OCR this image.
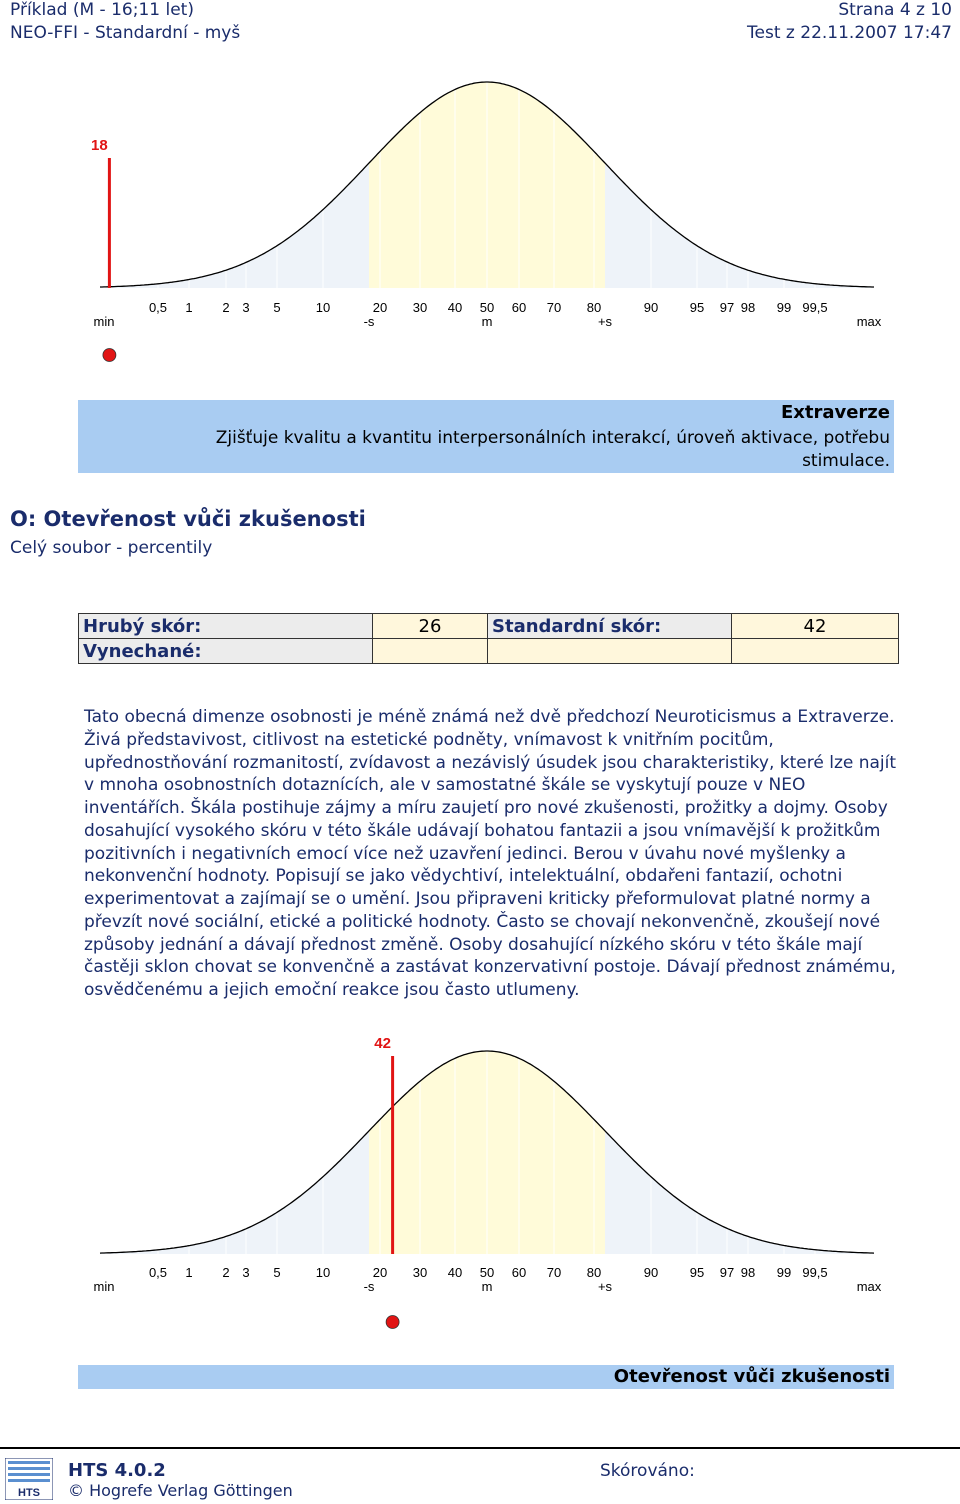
Příklad (M - 16;11 let)
NEO-FFI - Standardní - myš
Strana 4 z 10
Test z 22.11.2007 17:47
0,5 1 2 3 5	10	20 30 40 50 60 70 80	90 95 97 98 99 99,5
min	max
-s	m	+s
18
Extraverze
Zjišťuje kvalitu a kvantitu interpersonálních interakcí, úroveň aktivace, potřebu stimulace.
O: Otevřenost vůči zkušenosti
Celý soubor - percentily
Hrubý skór:	26	Standardní skór:	42
Vynechané:			
Tato obecná dimenze osobnosti je méně známá než dvě předchozí Neuroticismus a Extraverze. Živá představivost, citlivost na estetické podněty, vnímavost k vnitřním pocitům, upřednostňování rozmanitostí, zvídavost a nezávislý úsudek jsou charakteristiky, které lze najít v mnoha osobnostních dotaznících, ale v samostatné škále se vyskytují pouze v NEO inventářích. Škála postihuje zájmy a míru zaujetí pro nové zkušenosti, prožitky a dojmy. Osoby dosahující vysokého skóru v této škále udávají bohatou fantazii a jsou vnímavější k prožitkům pozitivních i negativních emocí více než uzavření jedinci. Berou v úvahu nové myšlenky a nekonvenční hodnoty. Popisují se jako vědychtiví, intelektuální, obdařeni fantazií, ochotni experimentovat a zajímají se o umění. Jsou připraveni kriticky přeformulovat platné normy a převzít nové sociální, etické a politické hodnoty. Často se chovají nekonvenčně, zkoušejí nové způsoby jednání a dávají přednost změně. Osoby dosahující nízkého skóru v této škále mají častěji sklon chovat se konvenčně a zastávat konzervativní postoje. Dávají přednost známému, osvědčenému a jejich emoční reakce jsou často utlumeny.
0,5 1 2 3 5	10	20 30 40 50 60 70 80	90 95 97 98 99 99,5
min	max
-s	m	+s
42
Otevřenost vůči zkušenosti
HTS
HTS 4.0.2
© Hogrefe Verlag Göttingen
Skórováno:
